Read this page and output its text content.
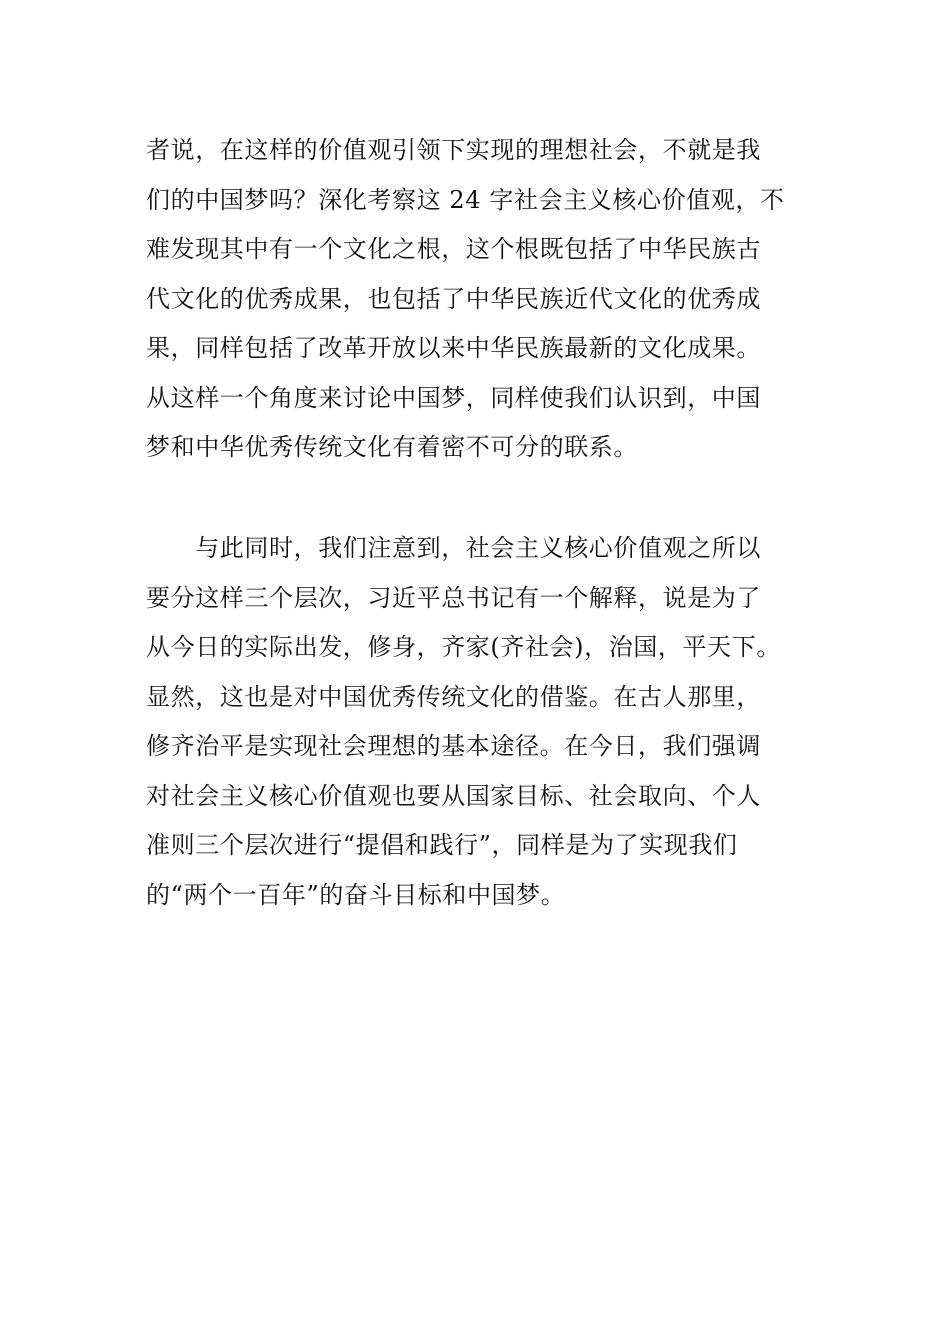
者说，在这样的价值观引领下实现的理想社会，不就是我
们的中国梦吗？深化考察这 24 字社会主义核心价值观，不
难发现其中有一个文化之根，这个根既包括了中华民族古
代文化的优秀成果，也包括了中华民族近代文化的优秀成
果，同样包括了改革开放以来中华民族最新的文化成果。
从这样一个角度来讨论中国梦，同样使我们认识到，中国
梦和中华优秀传统文化有着密不可分的联系。
　　与此同时，我们注意到，社会主义核心价值观之所以
要分这样三个层次，习近平总书记有一个解释，说是为了
从今日的实际出发，修身，齐家(齐社会)，治国，平天下。
显然，这也是对中国优秀传统文化的借鉴。在古人那里，
修齐治平是实现社会理想的基本途径。在今日，我们强调
对社会主义核心价值观也要从国家目标、社会取向、个人
准则三个层次进行“提倡和践行”，同样是为了实现我们
的“两个一百年”的奋斗目标和中国梦。
